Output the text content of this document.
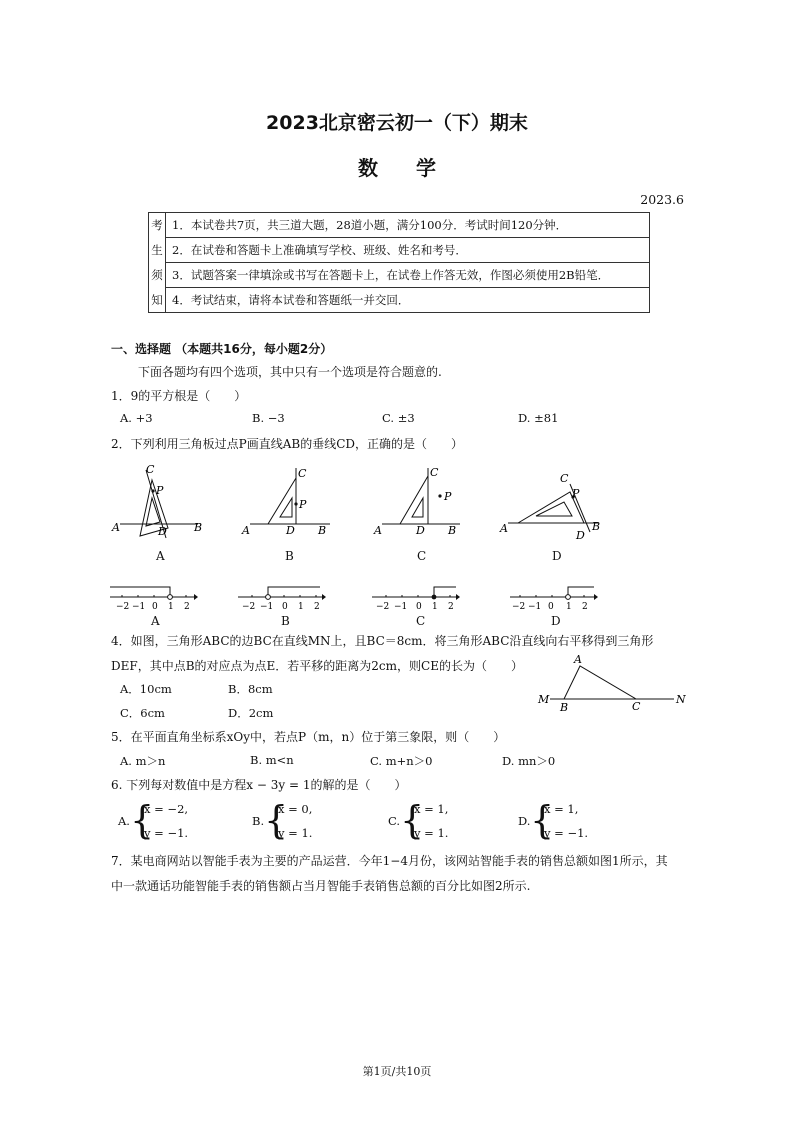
2023北京密云初一（下）期末
数学
2023.6
考	1．本试卷共7页，共三道大题，28道小题，满分100分．考试时间120分钟．
生	2．在试卷和答题卡上准确填写学校、班级、姓名和考号．
须	3．试题答案一律填涂或书写在答题卡上，在试卷上作答无效，作图必须使用2B铅笔．
知	4．考试结束，请将本试卷和答题纸一并交回．
一、选择题 （本题共16分，每小题2分）
下面各题均有四个选项，其中只有一个选项是符合题意的.
1．9的平方根是（　　）
A. +3	B. −3	C. ±3	D. ±81
2．下列利用三角板过点P画直线AB的垂线CD，正确的是（　　）
C
P
A	B
D
A
C
P
A	B
D
B
C
P
A	B
D
C
C
P
A	B
D
D
−2 −1 0 1 2
A
−2 −1 0 1 2
B
−2 −1 0 1 2
C
−2 −1 0 1 2
D
4．如图，三角形ABC的边BC在直线MN上，且BC＝8cm．将三角形ABC沿直线向右平移得到三角形
DEF，其中点B的对应点为点E．若平移的距离为2cm，则CE的长为（　　）
A．10cm	B．8cm
C．6cm	D．2cm
A
M
B	C
N
5．在平面直角坐标系xOy中，若点P（m，n）位于第三象限，则（　　）
A. m＞n	B. m<n	C. m+n＞0	D. mn＞0
6. 下列每对数值中是方程x − 3y = 1的解的是（　　）
A. {
x = −2,
y = −1.
B. {
x = 0,
y = 1.
C. {
x = 1,
y = 1.
D. {
x = 1,
y = −1.
7．某电商网站以智能手表为主要的产品运营．今年1−4月份，该网站智能手表的销售总额如图1所示，其
中一款通话功能智能手表的销售额占当月智能手表销售总额的百分比如图2所示.
第1页/共10页
